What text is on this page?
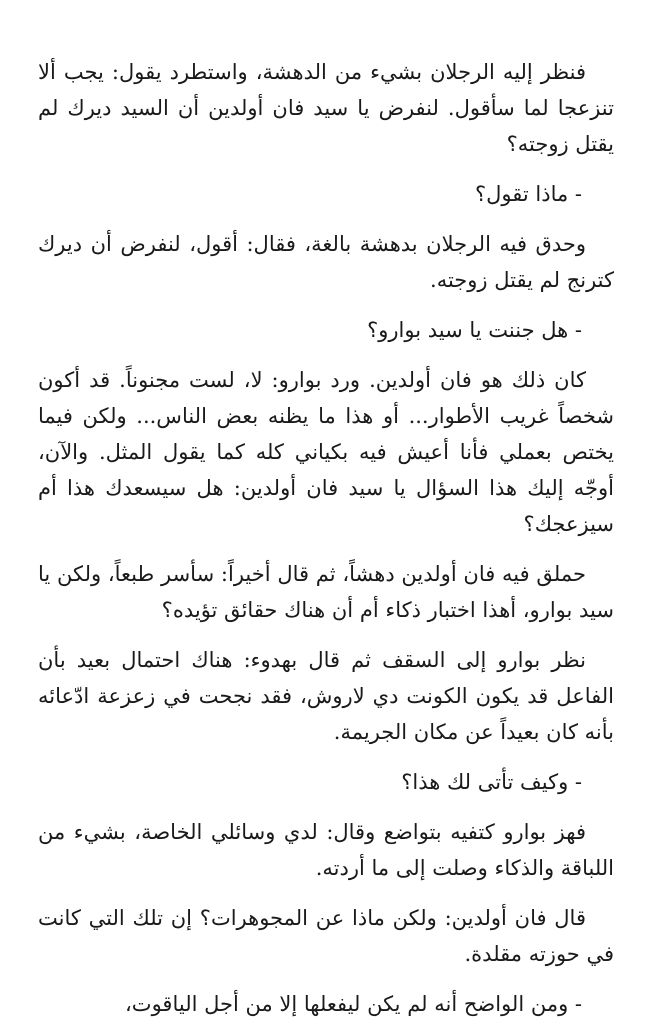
فنظر إليه الرجلان بشيء من الدهشة، واستطرد يقول: يجب ألا تنزعجا لما سأقول. لنفرض يا سيد فان أولدين أن السيد ديرك لم يقتل زوجته؟

- ماذا تقول؟

وحدق فيه الرجلان بدهشة بالغة، فقال: أقول، لنفرض أن ديرك كترنج لم يقتل زوجته.

- هل جننت يا سيد بوارو؟

كان ذلك هو فان أولدين. ورد بوارو: لا، لست مجنوناً. قد أكون شخصاً غريب الأطوار... أو هذا ما يظنه بعض الناس... ولكن فيما يختص بعملي فأنا أعيش فيه بكياني كله كما يقول المثل. والآن، أوجّه إليك هذا السؤال يا سيد فان أولدين: هل سيسعدك هذا أم سيزعجك؟

حملق فيه فان أولدين دهشاً، ثم قال أخيراً: سأسر طبعاً، ولكن يا سيد بوارو، أهذا اختبار ذكاء أم أن هناك حقائق تؤيده؟

نظر بوارو إلى السقف ثم قال بهدوء: هناك احتمال بعيد بأن الفاعل قد يكون الكونت دي لاروش، فقد نجحت في زعزعة ادّعائه بأنه كان بعيداً عن مكان الجريمة.

- وكيف تأتى لك هذا؟

فهز بوارو كتفيه بتواضع وقال: لدي وسائلي الخاصة، بشيء من اللباقة والذكاء وصلت إلى ما أردته.

قال فان أولدين: ولكن ماذا عن المجوهرات؟ إن تلك التي كانت في حوزته مقلدة.

- ومن الواضح أنه لم يكن ليفعلها إلا من أجل الياقوت،
